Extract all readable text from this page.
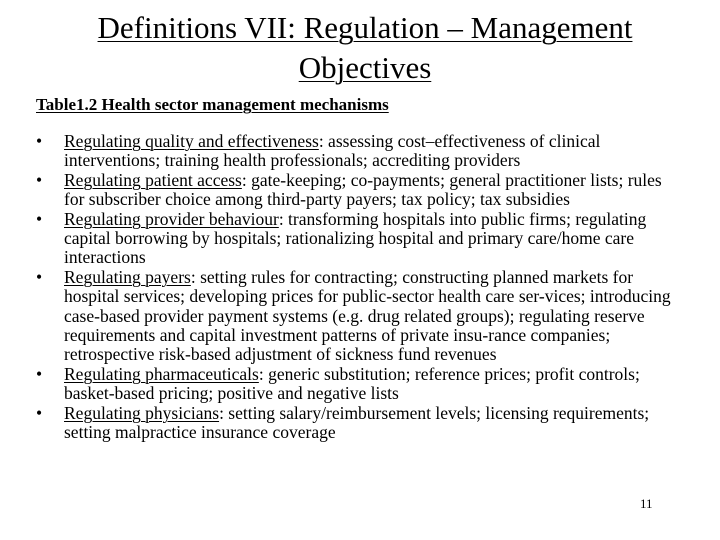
Definitions VII: Regulation – Management Objectives
Table1.2 Health sector management mechanisms
• Regulating quality and effectiveness: assessing cost–effectiveness of clinical interventions; training health professionals; accrediting providers
• Regulating patient access: gate-keeping; co-payments; general practitioner lists; rules for subscriber choice among third-party payers; tax policy; tax subsidies
• Regulating provider behaviour: transforming hospitals into public firms; regulating capital borrowing by hospitals; rationalizing hospital and primary care/home care interactions
• Regulating payers: setting rules for contracting; constructing planned markets for hospital services; developing prices for public-sector health care ser-vices; introducing case-based provider payment systems (e.g. drug related groups); regulating reserve requirements and capital investment patterns of private insu-rance companies; retrospective risk-based adjustment of sickness fund revenues
• Regulating pharmaceuticals: generic substitution; reference prices; profit controls; basket-based pricing; positive and negative lists
• Regulating physicians: setting salary/reimbursement levels; licensing requirements; setting malpractice insurance coverage
11
